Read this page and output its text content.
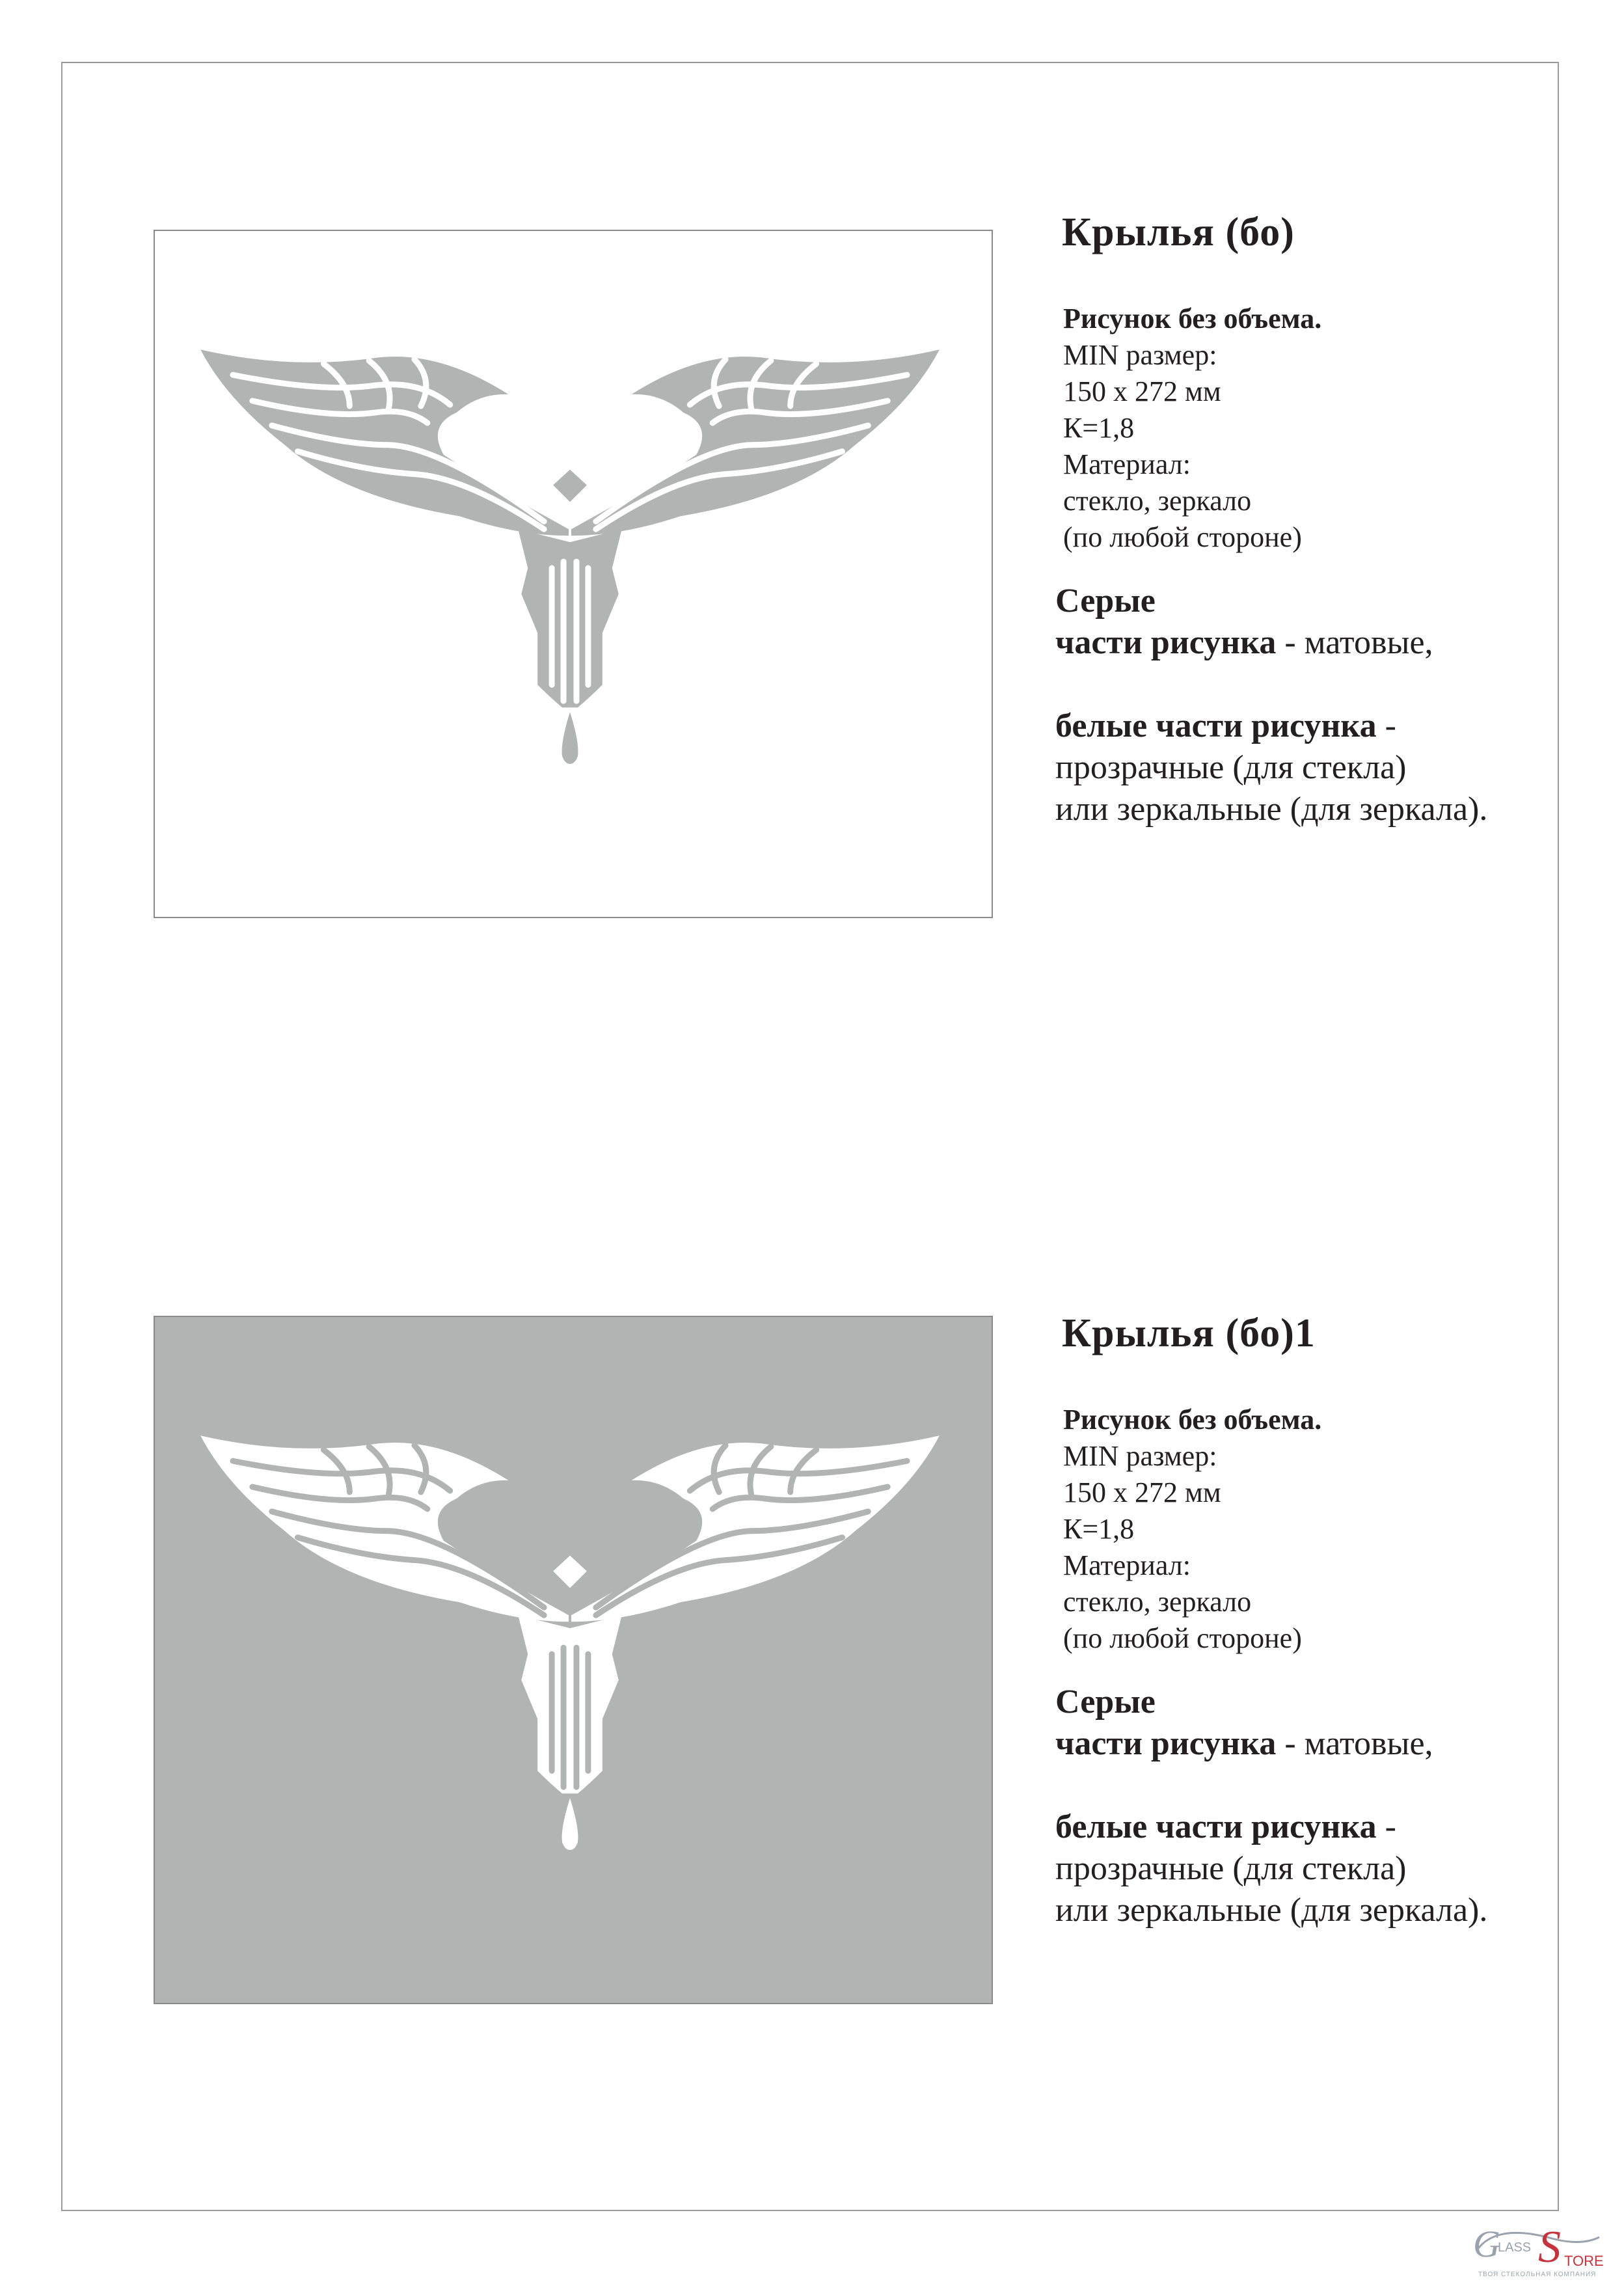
Крылья (бо)
Рисунок без объема.
MIN размер:
150 x 272 мм
К=1,8
Материал:
стекло, зеркало
(по любой стороне)
Серые
части рисунка - матовые,
белые части рисунка -
прозрачные (для стекла)
или зеркальные (для зеркала).
Крылья (бо)1
Рисунок без объема.
MIN размер:
150 x 272 мм
К=1,8
Материал:
стекло, зеркало
(по любой стороне)
Серые
части рисунка - матовые,
белые части рисунка -
прозрачные (для стекла)
или зеркальные (для зеркала).
G
LASS S TORE
ТВОЯ СТЕКОЛЬНАЯ КОМПАНИЯ
